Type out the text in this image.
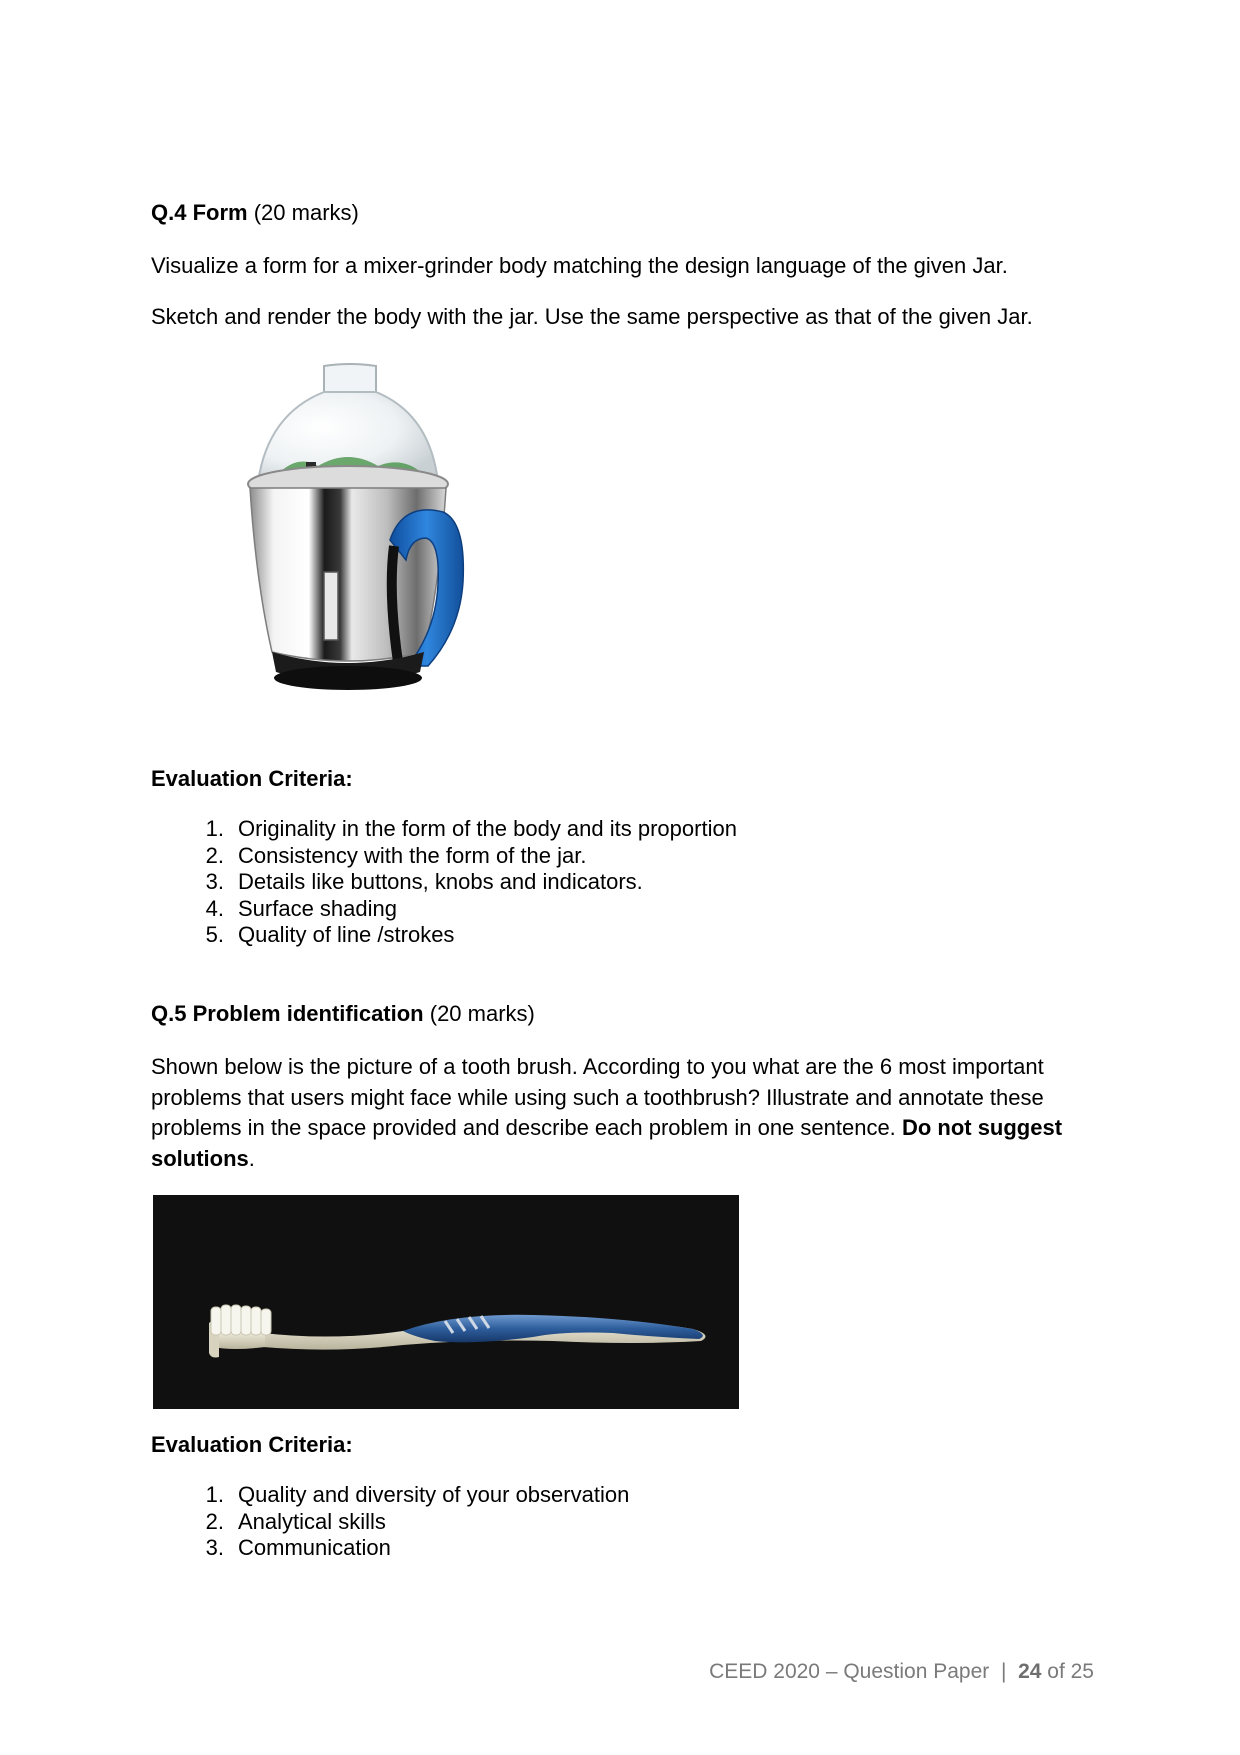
Q.4 Form (20 marks)

Visualize a form for a mixer-grinder body matching the design language of the given Jar.

Sketch and render the body with the jar. Use the same perspective as that of the given Jar.

Evaluation Criteria:

1. Originality in the form of the body and its proportion
2. Consistency with the form of the jar.
3. Details like buttons, knobs and indicators.
4. Surface shading
5. Quality of line /strokes

Q.5 Problem identification (20 marks)

Shown below is the picture of a tooth brush. According to you what are the 6 most important problems that users might face while using such a toothbrush? Illustrate and annotate these problems in the space provided and describe each problem in one sentence. Do not suggest solutions.

Evaluation Criteria:

1. Quality and diversity of your observation
2. Analytical skills
3. Communication
CEED 2020 – Question Paper | 24 of 25
